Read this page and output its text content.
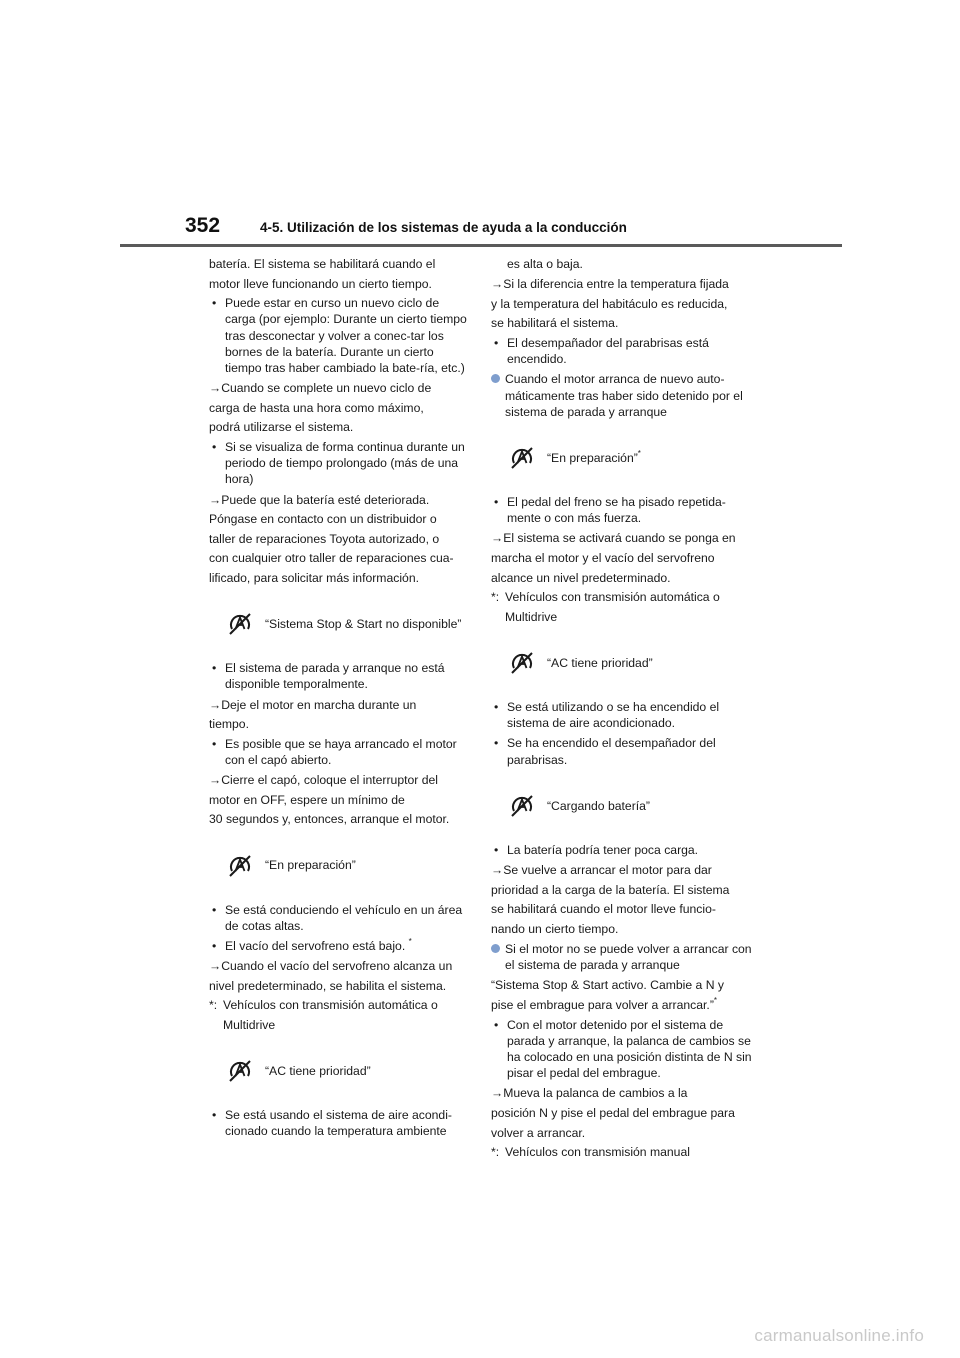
352	4-5. Utilización de los sistemas de ayuda a la conducción

batería. El sistema se habilitará cuando el

motor lleve funcionando un cierto tiempo.

• Puede estar en curso un nuevo ciclo de carga (por ejemplo: Durante un cierto tiempo tras desconectar y volver a conec-tar los bornes de la batería. Durante un cierto tiempo tras haber cambiado la bate-ría, etc.)

→Cuando se complete un nuevo ciclo de

carga de hasta una hora como máximo,

podrá utilizarse el sistema.

• Si se visualiza de forma continua durante un periodo de tiempo prolongado (más de una hora)

→Puede que la batería esté deteriorada.

Póngase en contacto con un distribuidor o

taller de reparaciones Toyota autorizado, o

con cualquier otro taller de reparaciones cua-

lificado, para solicitar más información.

“Sistema Stop & Start no disponible”
• El sistema de parada y arranque no está disponible temporalmente.

→Deje el motor en marcha durante un

tiempo.

• Es posible que se haya arrancado el motor con el capó abierto.

→Cierre el capó, coloque el interruptor del

motor en OFF, espere un mínimo de

30 segundos y, entonces, arranque el motor.

“En preparación”
• Se está conduciendo el vehículo en un área de cotas altas.
• El vacío del servofreno está bajo. *

→Cuando el vacío del servofreno alcanza un

nivel predeterminado, se habilita el sistema.

*: Vehículos con transmisión automática o
Multidrive
“AC tiene prioridad”
• Se está usando el sistema de aire acondi-cionado cuando la temperatura ambiente
es alta o baja.

→Si la diferencia entre la temperatura fijada

y la temperatura del habitáculo es reducida,

se habilitará el sistema.

• El desempañador del parabrisas está encendido.
Cuando el motor arranca de nuevo auto-máticamente tras haber sido detenido por el sistema de parada y arranque
“En preparación”*
• El pedal del freno se ha pisado repetida-mente o con más fuerza.

→El sistema se activará cuando se ponga en

marcha el motor y el vacío del servofreno

alcance un nivel predeterminado.

*: Vehículos con transmisión automática o
Multidrive
“AC tiene prioridad”
• Se está utilizando o se ha encendido el sistema de aire acondicionado.
• Se ha encendido el desempañador del parabrisas.
“Cargando batería”
• La batería podría tener poca carga.

→Se vuelve a arrancar el motor para dar

prioridad a la carga de la batería. El sistema

se habilitará cuando el motor lleve funcio-

nando un cierto tiempo.

Si el motor no se puede volver a arrancar con el sistema de parada y arranque

“Sistema Stop & Start activo. Cambie a N y

pise el embrague para volver a arrancar.”*

• Con el motor detenido por el sistema de parada y arranque, la palanca de cambios se ha colocado en una posición distinta de N sin pisar el pedal del embrague.

→Mueva la palanca de cambios a la

posición N y pise el pedal del embrague para

volver a arrancar.

*: Vehículos con transmisión manual
carmanualsonline.info
